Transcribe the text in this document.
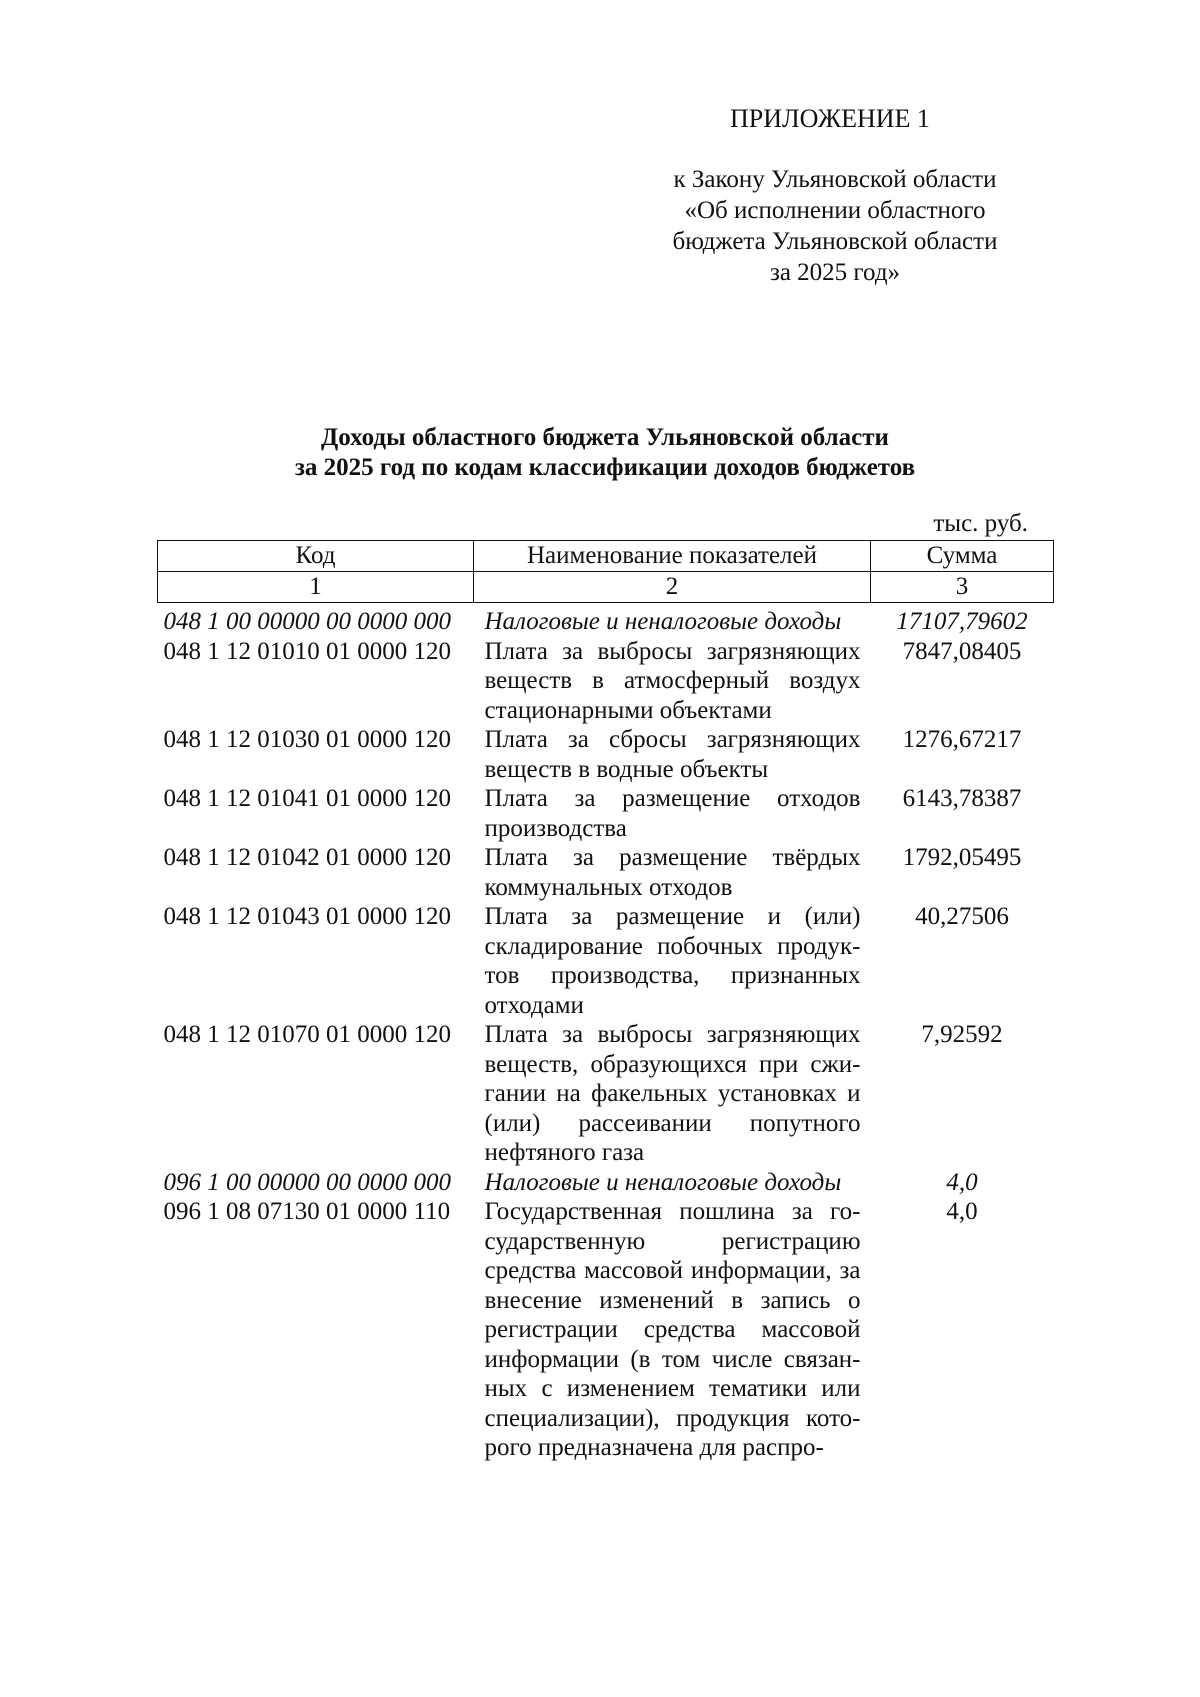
ПРИЛОЖЕНИЕ 1
к Закону Ульяновской области
«Об исполнении областного
бюджета Ульяновской области
за 2025 год»
Доходы областного бюджета Ульяновской области
за 2025 год по кодам классификации доходов бюджетов
тыс. руб.
Код	Наименование показателей	Сумма
1	2	3
048 1 00 00000 00 0000 000	Налоговые и неналоговые доходы	17107,79602
048 1 12 01010 01 0000 120	Плата за выбросы загрязняющих веществ в атмосферный воздух стационарными объектами	7847,08405
048 1 12 01030 01 0000 120	Плата за сбросы загрязняющих веществ в водные объекты	1276,67217
048 1 12 01041 01 0000 120	Плата за размещение отходов производства	6143,78387
048 1 12 01042 01 0000 120	Плата за размещение твёрдых коммунальных отходов	1792,05495
048 1 12 01043 01 0000 120	Плата за размещение и (или) складирование побочных продук-тов производства, признанных отходами	40,27506
048 1 12 01070 01 0000 120	Плата за выбросы загрязняющих веществ, образующихся при сжи-гании на факельных установках и (или) рассеивании попутного нефтяного газа	7,92592
096 1 00 00000 00 0000 000	Налоговые и неналоговые доходы	4,0
096 1 08 07130 01 0000 110	Государственная пошлина за го-сударственную регистрацию средства массовой информации, за внесение изменений в запись о регистрации средства массовой информации (в том числе связан-ных с изменением тематики или специализации), продукция кото-рого предназначена для распро-	4,0
